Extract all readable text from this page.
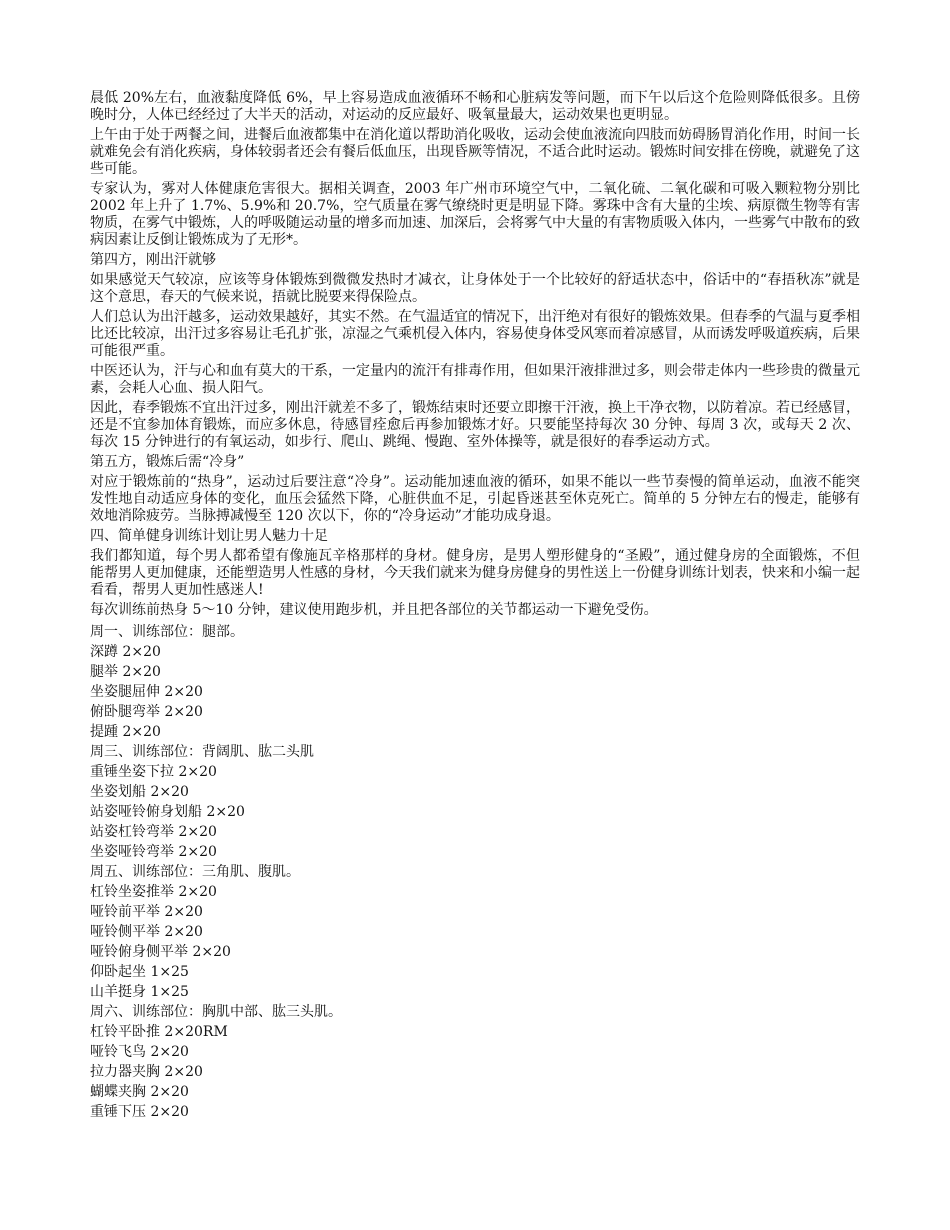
晨低 20%左右，血液黏度降低 6%，早上容易造成血液循环不畅和心脏病发等问题，而下午以后这个危险则降低很多。且傍晚时分，人体已经经过了大半天的活动，对运动的反应最好、吸氧量最大，运动效果也更明显。

上午由于处于两餐之间，进餐后血液都集中在消化道以帮助消化吸收，运动会使血液流向四肢而妨碍肠胃消化作用，时间一长就难免会有消化疾病，身体较弱者还会有餐后低血压，出现昏厥等情况，不适合此时运动。锻炼时间安排在傍晚，就避免了这些可能。

专家认为，雾对人体健康危害很大。据相关调查，2003 年广州市环境空气中，二氧化硫、二氧化碳和可吸入颗粒物分别比 2002 年上升了 1.7%、5.9%和 20.7%，空气质量在雾气缭绕时更是明显下降。雾珠中含有大量的尘埃、病原微生物等有害物质，在雾气中锻炼，人的呼吸随运动量的增多而加速、加深后，会将雾气中大量的有害物质吸入体内，一些雾气中散布的致病因素让反倒让锻炼成为了无形*。

第四方，刚出汗就够

如果感觉天气较凉，应该等身体锻炼到微微发热时才减衣，让身体处于一个比较好的舒适状态中，俗话中的“春捂秋冻”就是这个意思，春天的气候来说，捂就比脱要来得保险点。

人们总认为出汗越多，运动效果越好，其实不然。在气温适宜的情况下，出汗绝对有很好的锻炼效果。但春季的气温与夏季相比还比较凉，出汗过多容易让毛孔扩张，凉湿之气乘机侵入体内，容易使身体受风寒而着凉感冒，从而诱发呼吸道疾病，后果可能很严重。

中医还认为，汗与心和血有莫大的干系，一定量内的流汗有排毒作用，但如果汗液排泄过多，则会带走体内一些珍贵的微量元素，会耗人心血、损人阳气。

因此，春季锻炼不宜出汗过多，刚出汗就差不多了，锻炼结束时还要立即擦干汗液，换上干净衣物，以防着凉。若已经感冒，还是不宜参加体育锻炼，而应多休息，待感冒痊愈后再参加锻炼才好。只要能坚持每次 30 分钟、每周 3 次，或每天 2 次、每次 15 分钟进行的有氧运动，如步行、爬山、跳绳、慢跑、室外体操等，就是很好的春季运动方式。

第五方，锻炼后需“冷身”

对应于锻炼前的“热身”，运动过后要注意“冷身”。运动能加速血液的循环，如果不能以一些节奏慢的简单运动，血液不能突发性地自动适应身体的变化，血压会猛然下降，心脏供血不足，引起昏迷甚至休克死亡。简单的 5 分钟左右的慢走，能够有效地消除疲劳。当脉搏减慢至 120 次以下，你的“冷身运动”才能功成身退。

四、简单健身训练计划让男人魅力十足

我们都知道，每个男人都希望有像施瓦辛格那样的身材。健身房，是男人塑形健身的“圣殿”，通过健身房的全面锻炼，不但能帮男人更加健康，还能塑造男人性感的身材，今天我们就来为健身房健身的男性送上一份健身训练计划表，快来和小编一起看看，帮男人更加性感迷人!

每次训练前热身 5～10 分钟，建议使用跑步机，并且把各部位的关节都运动一下避免受伤。

周一、训练部位：腿部。

深蹲 2×20

腿举 2×20

坐姿腿屈伸 2×20

俯卧腿弯举 2×20

提踵 2×20

周三、训练部位：背阔肌、肱二头肌

重锤坐姿下拉 2×20

坐姿划船 2×20

站姿哑铃俯身划船 2×20

站姿杠铃弯举 2×20

坐姿哑铃弯举 2×20

周五、训练部位：三角肌、腹肌。

杠铃坐姿推举 2×20

哑铃前平举 2×20

哑铃侧平举 2×20

哑铃俯身侧平举 2×20

仰卧起坐 1×25

山羊挺身 1×25

周六、训练部位：胸肌中部、肱三头肌。

杠铃平卧推 2×20RM

哑铃飞鸟 2×20

拉力器夹胸 2×20

蝴蝶夹胸 2×20

重锤下压 2×20
